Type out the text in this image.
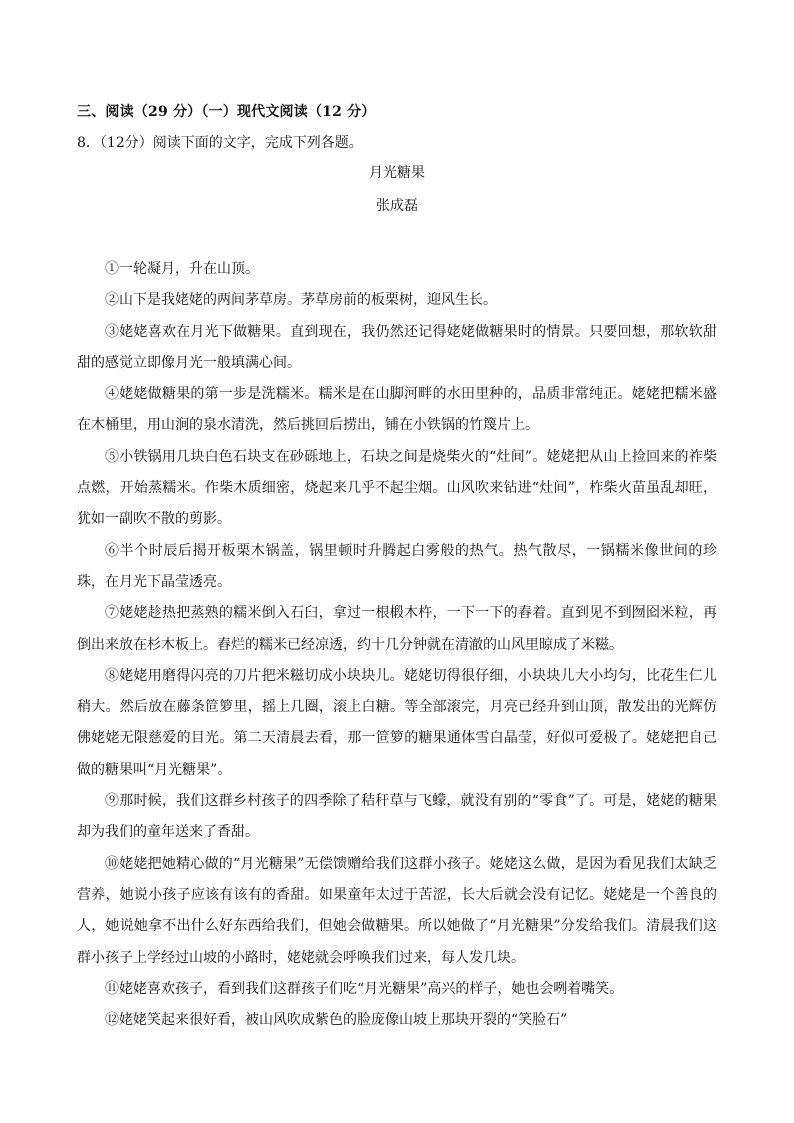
三、阅读（29 分）（一）现代文阅读（12 分）
8．（12分）阅读下面的文字，完成下列各题。
月光糖果
张成磊

①一轮凝月，升在山顶。

②山下是我姥姥的两间茅草房。茅草房前的板栗树，迎风生长。

③姥姥喜欢在月光下做糖果。直到现在，我仍然还记得姥姥做糖果时的情景。只要回想，那软软甜甜的感觉立即像月光一般填满心间。

④姥姥做糖果的第一步是洗糯米。糯米是在山脚河畔的水田里种的，品质非常纯正。姥姥把糯米盛在木桶里，用山涧的泉水清洗，然后挑回后捞出，铺在小铁锅的竹篾片上。

⑤小铁锅用几块白色石块支在砂砾地上，石块之间是烧柴火的“灶间”。姥姥把从山上捡回来的祚柴点燃，开始蒸糯米。作柴木质细密，烧起来几乎不起尘烟。山风吹来钻进“灶间”，柞柴火苗虽乱却旺，犹如一副吹不散的剪影。

⑥半个时辰后揭开板栗木锅盖，锅里顿时升腾起白雾般的热气。热气散尽，一锅糯米像世间的珍珠，在月光下晶莹透亮。

⑦姥姥趁热把蒸熟的糯米倒入石臼，拿过一根椴木杵，一下一下的舂着。直到见不到囫囵米粒，再倒出来放在杉木板上。舂烂的糯米已经凉透，约十几分钟就在清澈的山风里晾成了米糍。

⑧姥姥用磨得闪亮的刀片把米糍切成小块块儿。姥姥切得很仔细，小块块儿大小均匀，比花生仁儿稍大。然后放在藤条笸箩里，摇上几圈，滚上白糖。等全部滚完，月亮已经升到山顶，散发出的光辉仿佛姥姥无限慈爱的目光。第二天清晨去看，那一笸箩的糖果通体雪白晶莹，好似可爱极了。姥姥把自己做的糖果叫“月光糖果”。

⑨那时候，我们这群乡村孩子的四季除了秸秆草与飞蠓，就没有别的“零食”了。可是，姥姥的糖果却为我们的童年送来了香甜。

⑩姥姥把她精心做的“月光糖果”无偿馈赠给我们这群小孩子。姥姥这么做，是因为看见我们太缺乏营养，她说小孩子应该有该有的香甜。如果童年太过于苦涩，长大后就会没有记忆。姥姥是一个善良的人，她说她拿不出什么好东西给我们，但她会做糖果。所以她做了“月光糖果”分发给我们。清晨我们这群小孩子上学经过山坡的小路时，姥姥就会呼唤我们过来，每人发几块。

⑪姥姥喜欢孩子，看到我们这群孩子们吃“月光糖果”高兴的样子，她也会咧着嘴笑。

⑫姥姥笑起来很好看，被山风吹成紫色的脸庞像山坡上那块开裂的“笑脸石”
